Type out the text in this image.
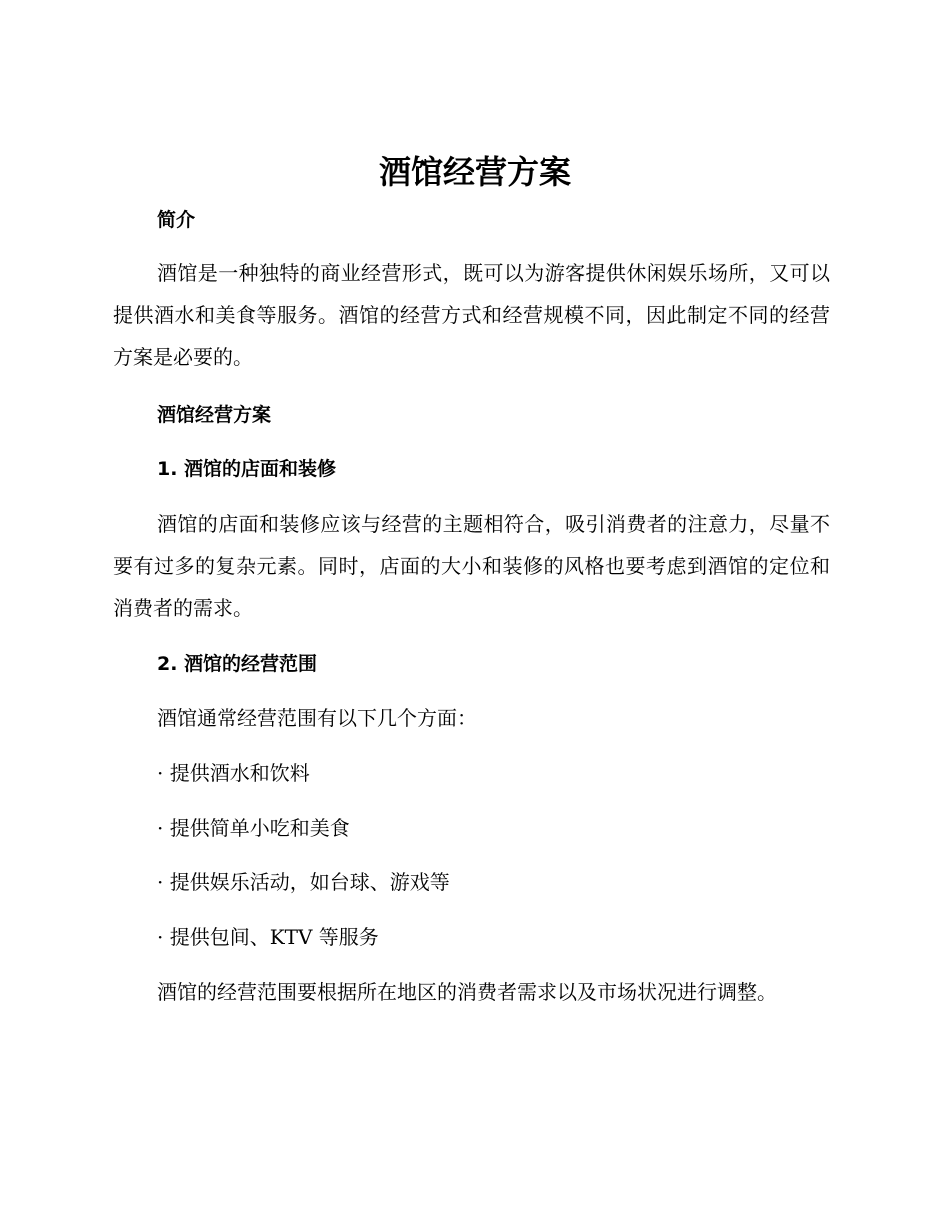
酒馆经营方案
简介
酒馆是一种独特的商业经营形式，既可以为游客提供休闲娱乐场所，又可以提供酒水和美食等服务。酒馆的经营方式和经营规模不同，因此制定不同的经营方案是必要的。
酒馆经营方案
1. 酒馆的店面和装修
酒馆的店面和装修应该与经营的主题相符合，吸引消费者的注意力，尽量不要有过多的复杂元素。同时，店面的大小和装修的风格也要考虑到酒馆的定位和消费者的需求。
2. 酒馆的经营范围
酒馆通常经营范围有以下几个方面：
· 提供酒水和饮料
· 提供简单小吃和美食
· 提供娱乐活动，如台球、游戏等
· 提供包间、KTV 等服务
酒馆的经营范围要根据所在地区的消费者需求以及市场状况进行调整。
